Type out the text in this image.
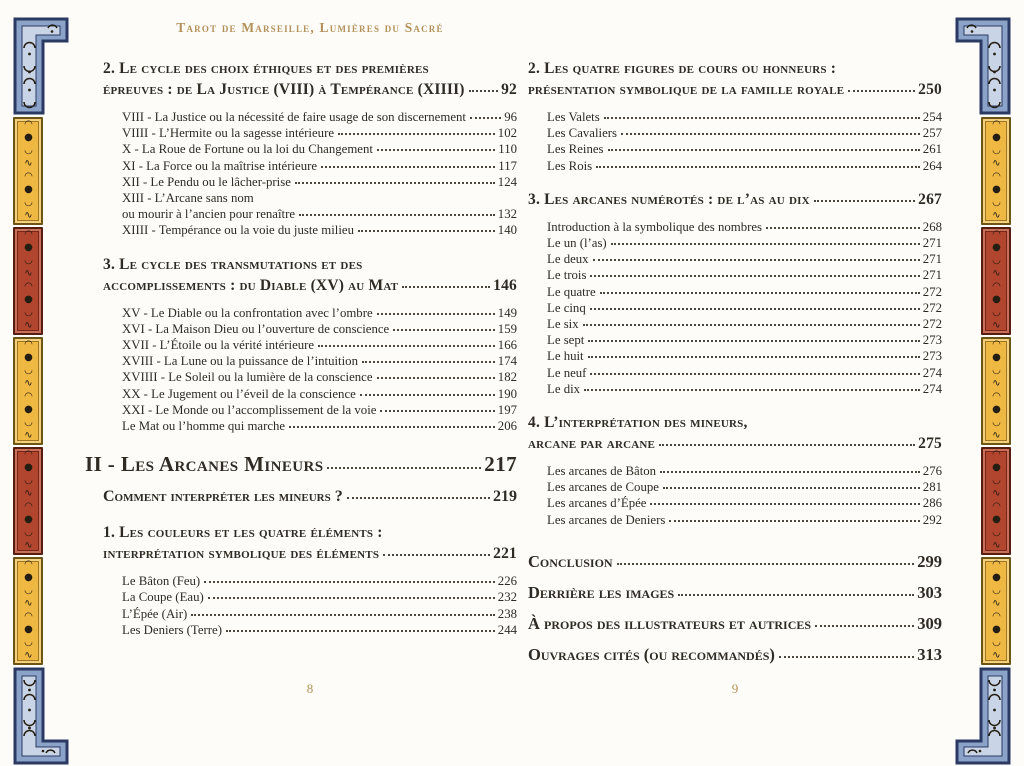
Tarot de Marseille, Lumières du Sacré
2. Le cycle des choix éthiques et des premières
épreuves : de La Justice (VIII) à Tempérance (XIIII) 92
VIII - La Justice ou la nécessité de faire usage de son discernement	96
VIIII - L’Hermite ou la sagesse intérieure	102
X - La Roue de Fortune ou la loi du Changement	110
XI - La Force ou la maîtrise intérieure	117
XII - Le Pendu ou le lâcher-prise	124
XIII - L’Arcane sans nom
ou mourir à l’ancien pour renaître	132
XIIII - Tempérance ou la voie du juste milieu	140
3. Le cycle des transmutations et des
accomplissements : du Diable (XV) au Mat	146
XV - Le Diable ou la confrontation avec l’ombre	149
XVI - La Maison Dieu ou l’ouverture de conscience	159
XVII - L’Étoile ou la vérité intérieure	166
XVIII - La Lune ou la puissance de l’intuition	174
XVIIII - Le Soleil ou la lumière de la conscience	182
XX - Le Jugement ou l’éveil de la conscience	190
XXI - Le Monde ou l’accomplissement de la voie	197
Le Mat ou l’homme qui marche	206
II - Les Arcanes Mineurs	217
Comment interpréter les mineurs ?	219
1. Les couleurs et les quatre éléments :
interprétation symbolique des éléments	221
Le Bâton (Feu)	226
La Coupe (Eau)	232
L’Épée (Air)	238
Les Deniers (Terre)	244
2. Les quatre figures de cours ou honneurs :
présentation symbolique de la famille royale	250
Les Valets	254
Les Cavaliers	257
Les Reines	261
Les Rois	264
3. Les arcanes numérotés : de l’as au dix	267
Introduction à la symbolique des nombres	268
Le un (l’as)	271
Le deux	271
Le trois	271
Le quatre	272
Le cinq	272
Le six	272
Le sept	273
Le huit	273
Le neuf	274
Le dix	274
4. L’interprétation des mineurs,
arcane par arcane	275
Les arcanes de Bâton	276
Les arcanes de Coupe	281
Les arcanes d’Épée	286
Les arcanes de Deniers	292
Conclusion	299
Derrière les images	303
À propos des illustrateurs et autrices	309
Ouvrages cités (ou recommandés)	313
8	9
◠●◡∿◠●◡∿
◠●◡∿◠●◡∿
◠●◡∿◠●◡∿
◠●◡∿◠●◡∿
◠●◡∿◠●◡∿
◠●◡∿◠●◡∿
◠●◡∿◠●◡∿
◠●◡∿◠●◡∿
◠●◡∿◠●◡∿
◠●◡∿◠●◡∿
